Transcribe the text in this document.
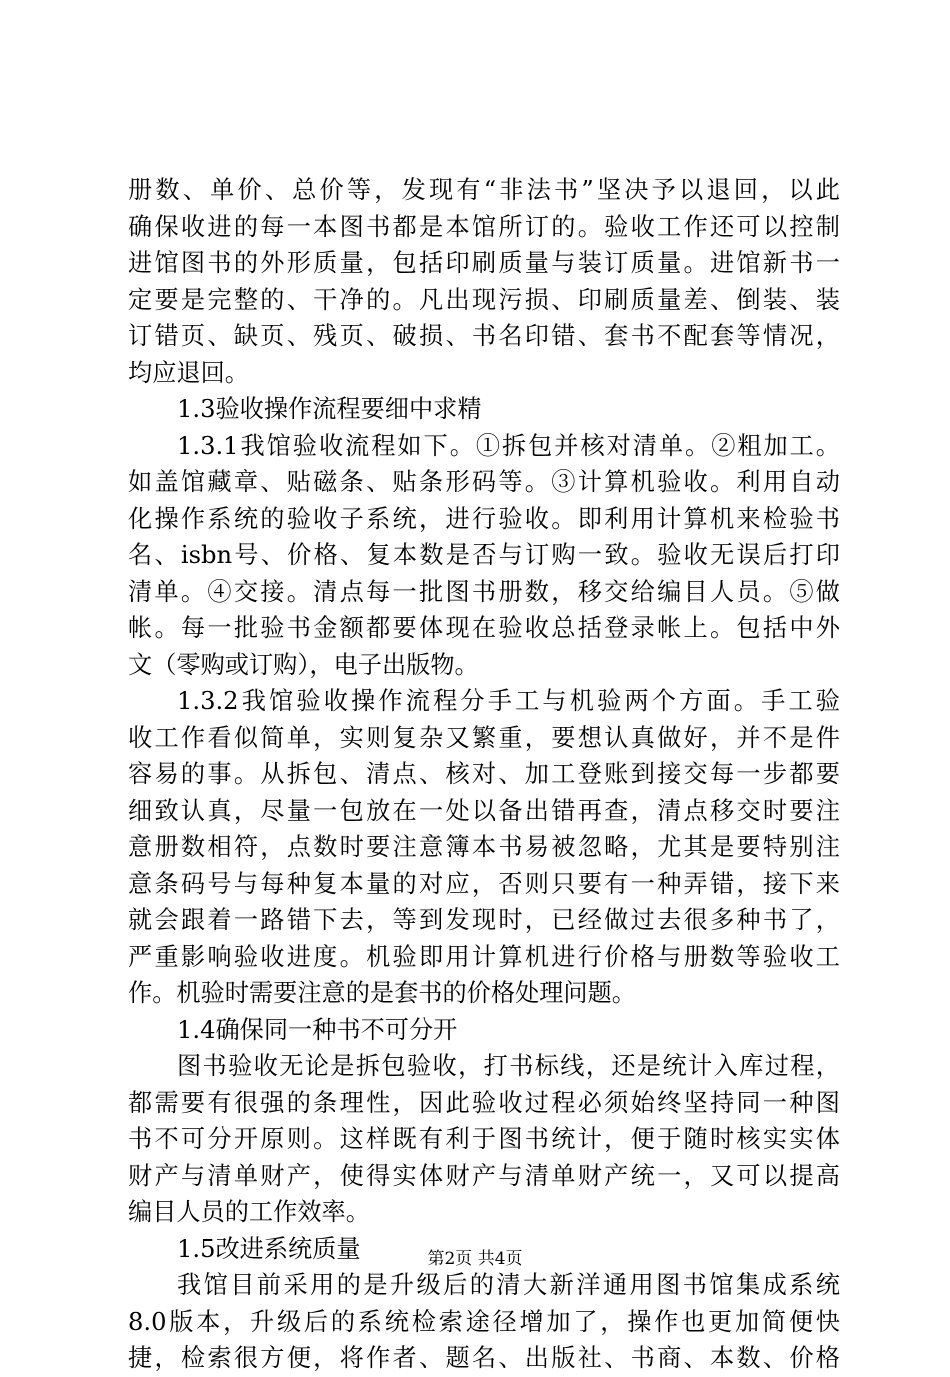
册数、单价、总价等，发现有“非法书”坚决予以退回，以此
确保收进的每一本图书都是本馆所订的。验收工作还可以控制
进馆图书的外形质量，包括印刷质量与装订质量。进馆新书一
定要是完整的、干净的。凡出现污损、印刷质量差、倒装、装
订错页、缺页、残页、破损、书名印错、套书不配套等情况，
均应退回。
1.3验收操作流程要细中求精
1.3.1我馆验收流程如下。①拆包并核对清单。②粗加工。
如盖馆藏章、贴磁条、贴条形码等。③计算机验收。利用自动
化操作系统的验收子系统，进行验收。即利用计算机来检验书
名、isbn号、价格、复本数是否与订购一致。验收无误后打印
清单。④交接。清点每一批图书册数，移交给编目人员。⑤做
帐。每一批验书金额都要体现在验收总括登录帐上。包括中外
文（零购或订购），电子出版物。
1.3.2我馆验收操作流程分手工与机验两个方面。手工验
收工作看似简单，实则复杂又繁重，要想认真做好，并不是件
容易的事。从拆包、清点、核对、加工登账到接交每一步都要
细致认真，尽量一包放在一处以备出错再查，清点移交时要注
意册数相符，点数时要注意簿本书易被忽略，尤其是要特别注
意条码号与每种复本量的对应，否则只要有一种弄错，接下来
就会跟着一路错下去，等到发现时，已经做过去很多种书了，
严重影响验收进度。机验即用计算机进行价格与册数等验收工
作。机验时需要注意的是套书的价格处理问题。
1.4确保同一种书不可分开
图书验收无论是拆包验收，打书标线，还是统计入库过程，
都需要有很强的条理性，因此验收过程必须始终坚持同一种图
书不可分开原则。这样既有利于图书统计，便于随时核实实体
财产与清单财产，使得实体财产与清单财产统一，又可以提高
编目人员的工作效率。
1.5改进系统质量
我馆目前采用的是升级后的清大新洋通用图书馆集成系统
8.0版本，升级后的系统检索途径增加了，操作也更加简便快
捷，检索很方便，将作者、题名、出版社、书商、本数、价格
第2页 共4页
